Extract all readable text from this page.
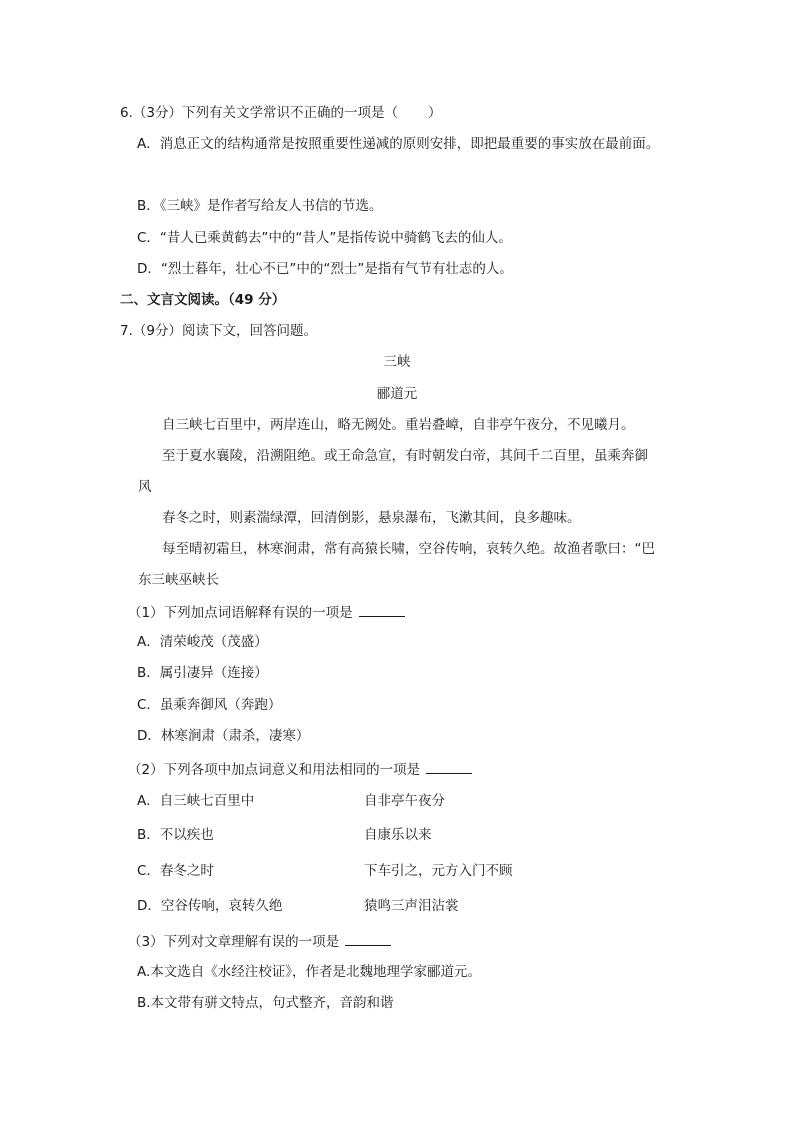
6.（3分）下列有关文学常识不正确的一项是（ ）
A．消息正文的结构通常是按照重要性递减的原则安排，即把最重要的事实放在最前面。
B．《三峡》是作者写给友人书信的节选。
C．“昔人已乘黄鹤去”中的“昔人”是指传说中骑鹤飞去的仙人。
D．“烈士暮年，壮心不已”中的“烈士”是指有气节有壮志的人。
二、文言文阅读。（49 分）
7.（9分）阅读下文，回答问题。
三峡
郦道元
自三峡七百里中，两岸连山，略无阙处。重岩叠嶂，自非亭午夜分，不见曦月。
至于夏水襄陵，沿溯阻绝。或王命急宣，有时朝发白帝，其间千二百里，虽乘奔御
风
春冬之时，则素湍绿潭，回清倒影，悬泉瀑布，飞漱其间，良多趣味。
每至晴初霜旦，林寒涧肃，常有高猿长啸，空谷传响，哀转久绝。故渔者歌曰：“巴
东三峡巫峡长
（1）下列加点词语解释有误的一项是
A．清荣峻茂（茂盛）
B．属引凄异（连接）
C．虽乘奔御风（奔跑）
D．林寒涧肃（肃杀，凄寒）
（2）下列各项中加点词意义和用法相同的一项是
A．自三峡七百里中	自非亭午夜分
B．不以疾也	自康乐以来
C．春冬之时	下车引之，元方入门不顾
D．空谷传响，哀转久绝	猿鸣三声泪沾裳
（3）下列对文章理解有误的一项是
A.本文选自《水经注校证》，作者是北魏地理学家郦道元。
B.本文带有骈文特点，句式整齐，音韵和谐
